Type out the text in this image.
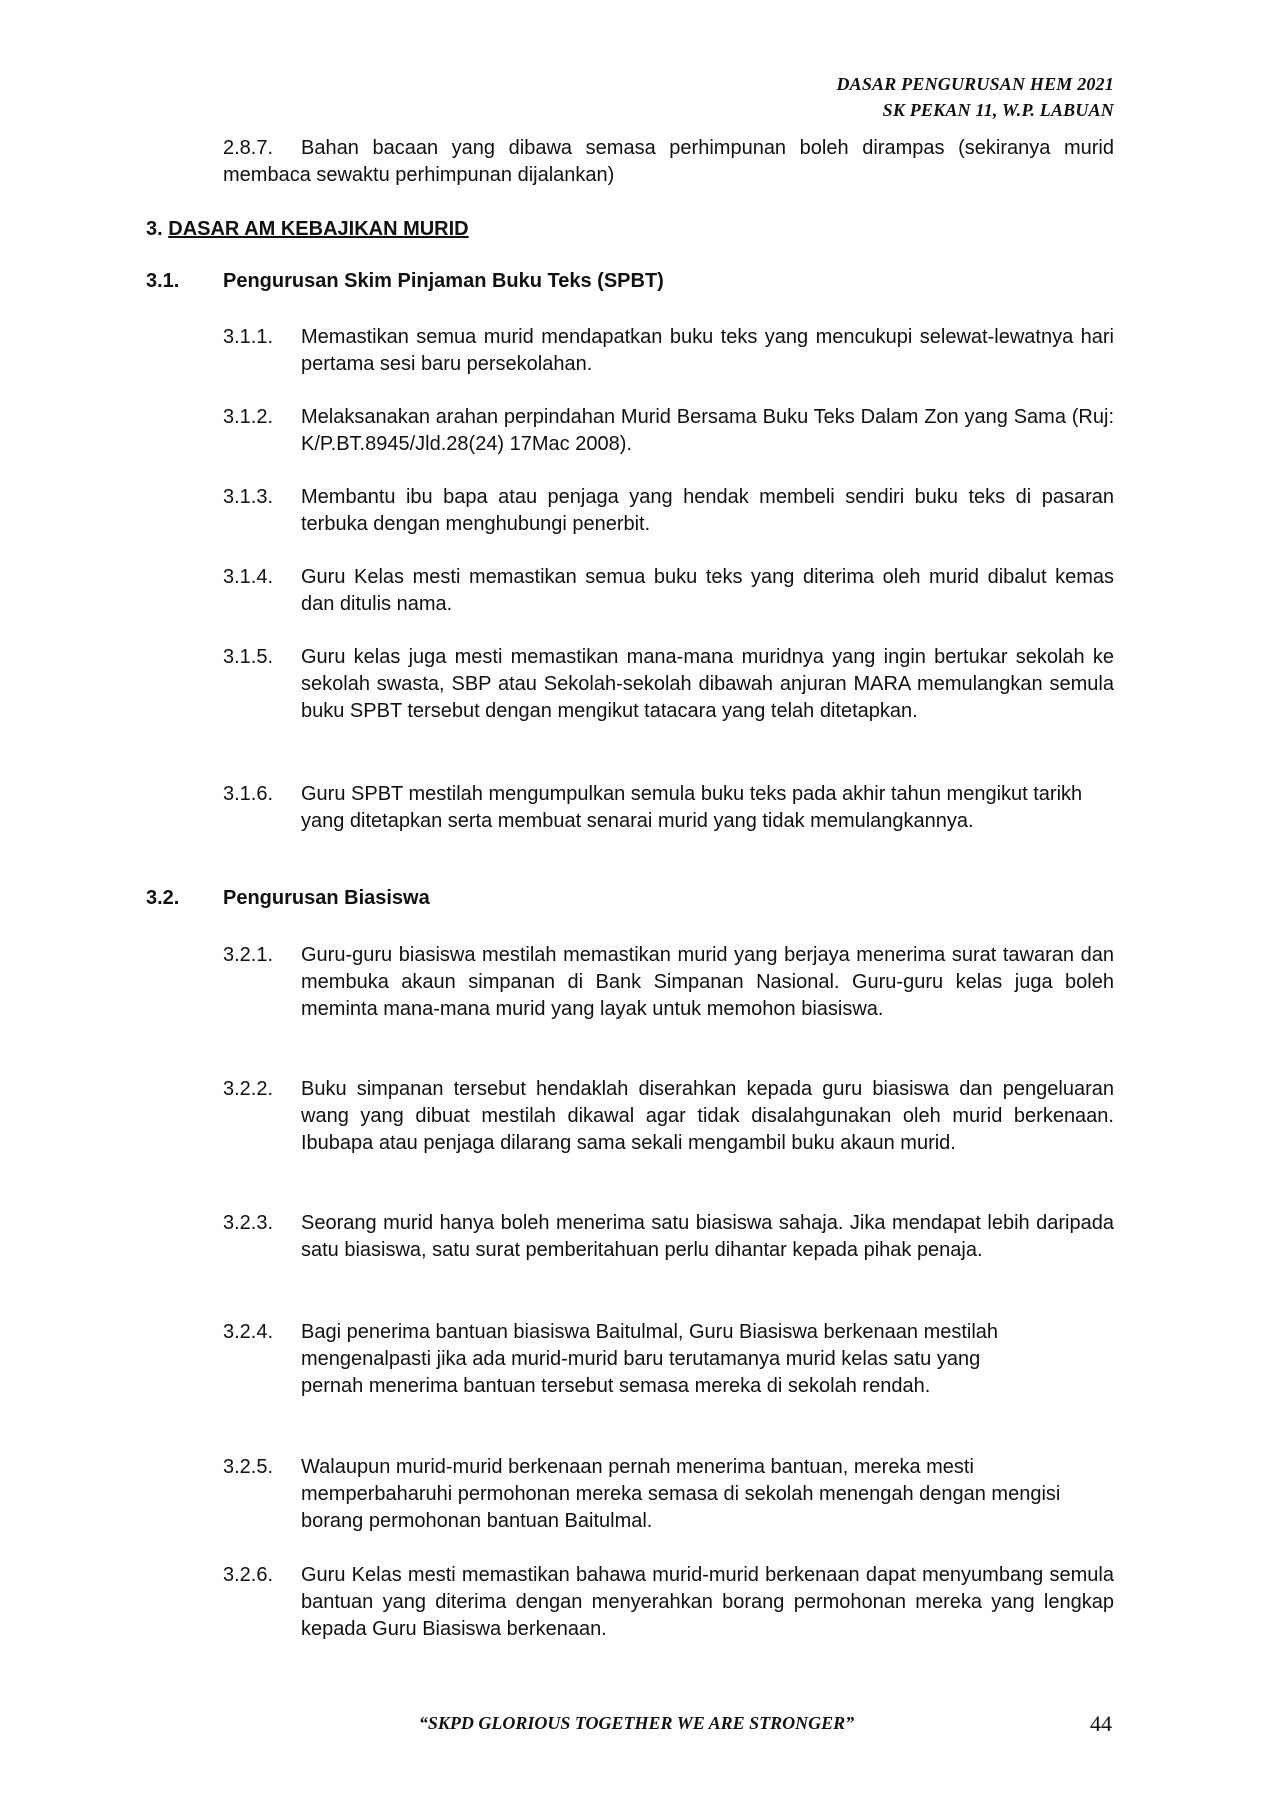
DASAR PENGURUSAN HEM 2021
SK PEKAN 11, W.P. LABUAN
2.8.7. Bahan bacaan yang dibawa semasa perhimpunan boleh dirampas (sekiranya murid membaca sewaktu perhimpunan dijalankan)
3. DASAR AM KEBAJIKAN MURID
3.1. Pengurusan Skim Pinjaman Buku Teks (SPBT)
3.1.1. Memastikan semua murid mendapatkan buku teks yang mencukupi selewat-lewatnya hari pertama sesi baru persekolahan.
3.1.2. Melaksanakan arahan perpindahan Murid Bersama Buku Teks Dalam Zon yang Sama (Ruj: K/P.BT.8945/Jld.28(24) 17Mac 2008).
3.1.3. Membantu ibu bapa atau penjaga yang hendak membeli sendiri buku teks di pasaran terbuka dengan menghubungi penerbit.
3.1.4. Guru Kelas mesti memastikan semua buku teks yang diterima oleh murid dibalut kemas dan ditulis nama.
3.1.5. Guru kelas juga mesti memastikan mana-mana muridnya yang ingin bertukar sekolah ke sekolah swasta, SBP atau Sekolah-sekolah dibawah anjuran MARA memulangkan semula buku SPBT tersebut dengan mengikut tatacara yang telah ditetapkan.
3.1.6. Guru SPBT mestilah mengumpulkan semula buku teks pada akhir tahun mengikut tarikh yang ditetapkan serta membuat senarai murid yang tidak memulangkannya.
3.2. Pengurusan Biasiswa
3.2.1. Guru-guru biasiswa mestilah memastikan murid yang berjaya menerima surat tawaran dan membuka akaun simpanan di Bank Simpanan Nasional. Guru-guru kelas juga boleh meminta mana-mana murid yang layak untuk memohon biasiswa.
3.2.2. Buku simpanan tersebut hendaklah diserahkan kepada guru biasiswa dan pengeluaran wang yang dibuat mestilah dikawal agar tidak disalahgunakan oleh murid berkenaan. Ibubapa atau penjaga dilarang sama sekali mengambil buku akaun murid.
3.2.3. Seorang murid hanya boleh menerima satu biasiswa sahaja. Jika mendapat lebih daripada satu biasiswa, satu surat pemberitahuan perlu dihantar kepada pihak penaja.
3.2.4. Bagi penerima bantuan biasiswa Baitulmal, Guru Biasiswa berkenaan mestilah mengenalpasti jika ada murid-murid baru terutamanya murid kelas satu yang pernah menerima bantuan tersebut semasa mereka di sekolah rendah.
3.2.5. Walaupun murid-murid berkenaan pernah menerima bantuan, mereka mesti memperbaharuhi permohonan mereka semasa di sekolah menengah dengan mengisi borang permohonan bantuan Baitulmal.
3.2.6. Guru Kelas mesti memastikan bahawa murid-murid berkenaan dapat menyumbang semula bantuan yang diterima dengan menyerahkan borang permohonan mereka yang lengkap kepada Guru Biasiswa berkenaan.
“SKPD GLORIOUS TOGETHER WE ARE STRONGER”	44
